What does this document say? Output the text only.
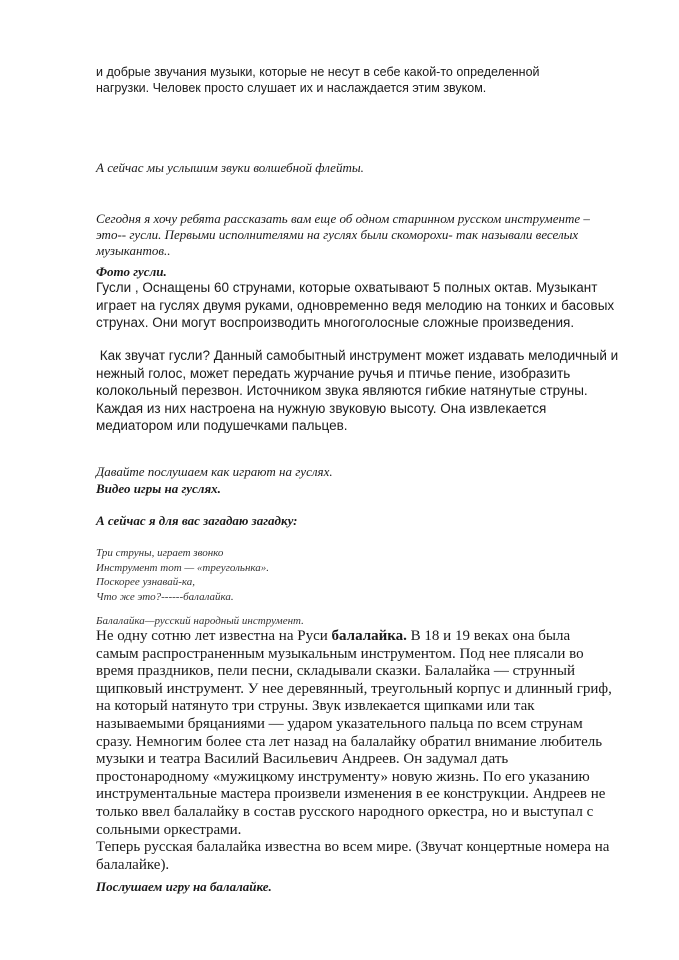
и добрые звучания музыки, которые не несут в себе какой-то определенной
нагрузки. Человек просто слушает их и наслаждается этим звуком.

А сейчас мы услышим звуки волшебной флейты.

Сегодня я хочу ребята рассказать вам еще об одном старинном русском инструменте –
это-- гусли. Первыми исполнителями на гуслях были скоморохи- так называли веселых
музыкантов..

Фото гусли.

Гусли , Оснащены 60 струнами, которые охватывают 5 полных октав. Музыкант
играет на гуслях двумя руками, одновременно ведя мелодию на тонких и басовых
струнах. Они могут воспроизводить многоголосные сложные произведения.

Как звучат гусли? Данный самобытный инструмент может издавать мелодичный и
нежный голос, может передать журчание ручья и птичье пение, изобразить
колокольный перезвон. Источником звука являются гибкие натянутые струны.
Каждая из них настроена на нужную звуковую высоту. Она извлекается
медиатором или подушечками пальцев.

Давайте послушаем как играют на гуслях.

Видео игры на гуслях.

А сейчас я для вас загадаю загадку:

Три струны, играет звонко
Инструмент тот — «треугольнка».
Поскорее узнавай-ка,
Что же это?------балалайка.

Балалайка—русский народный инструмент.

Не одну сотню лет известна на Руси балалайка. В 18 и 19 веках она была
самым распространенным музыкальным инструментом. Под нее плясали во
время праздников, пели песни, складывали сказки. Балалайка — струнный
щипковый инструмент. У нее деревянный, треугольный корпус и длинный гриф,
на который натянуто три струны. Звук извлекается щипками или так
называемыми бряцаниями — ударом указательного пальца по всем струнам
сразу. Немногим более ста лет назад на балалайку обратил внимание любитель
музыки и театра Василий Васильевич Андреев. Он задумал дать
простонародному «мужицкому инструменту» новую жизнь. По его указанию
инструментальные мастера произвели изменения в ее конструкции. Андреев не
только ввел балалайку в состав русского народного оркестра, но и выступал с
сольными оркестрами.
Теперь русская балалайка известна во всем мире. (Звучат концертные номера на
балалайке).

Послушаем игру на балалайке.
